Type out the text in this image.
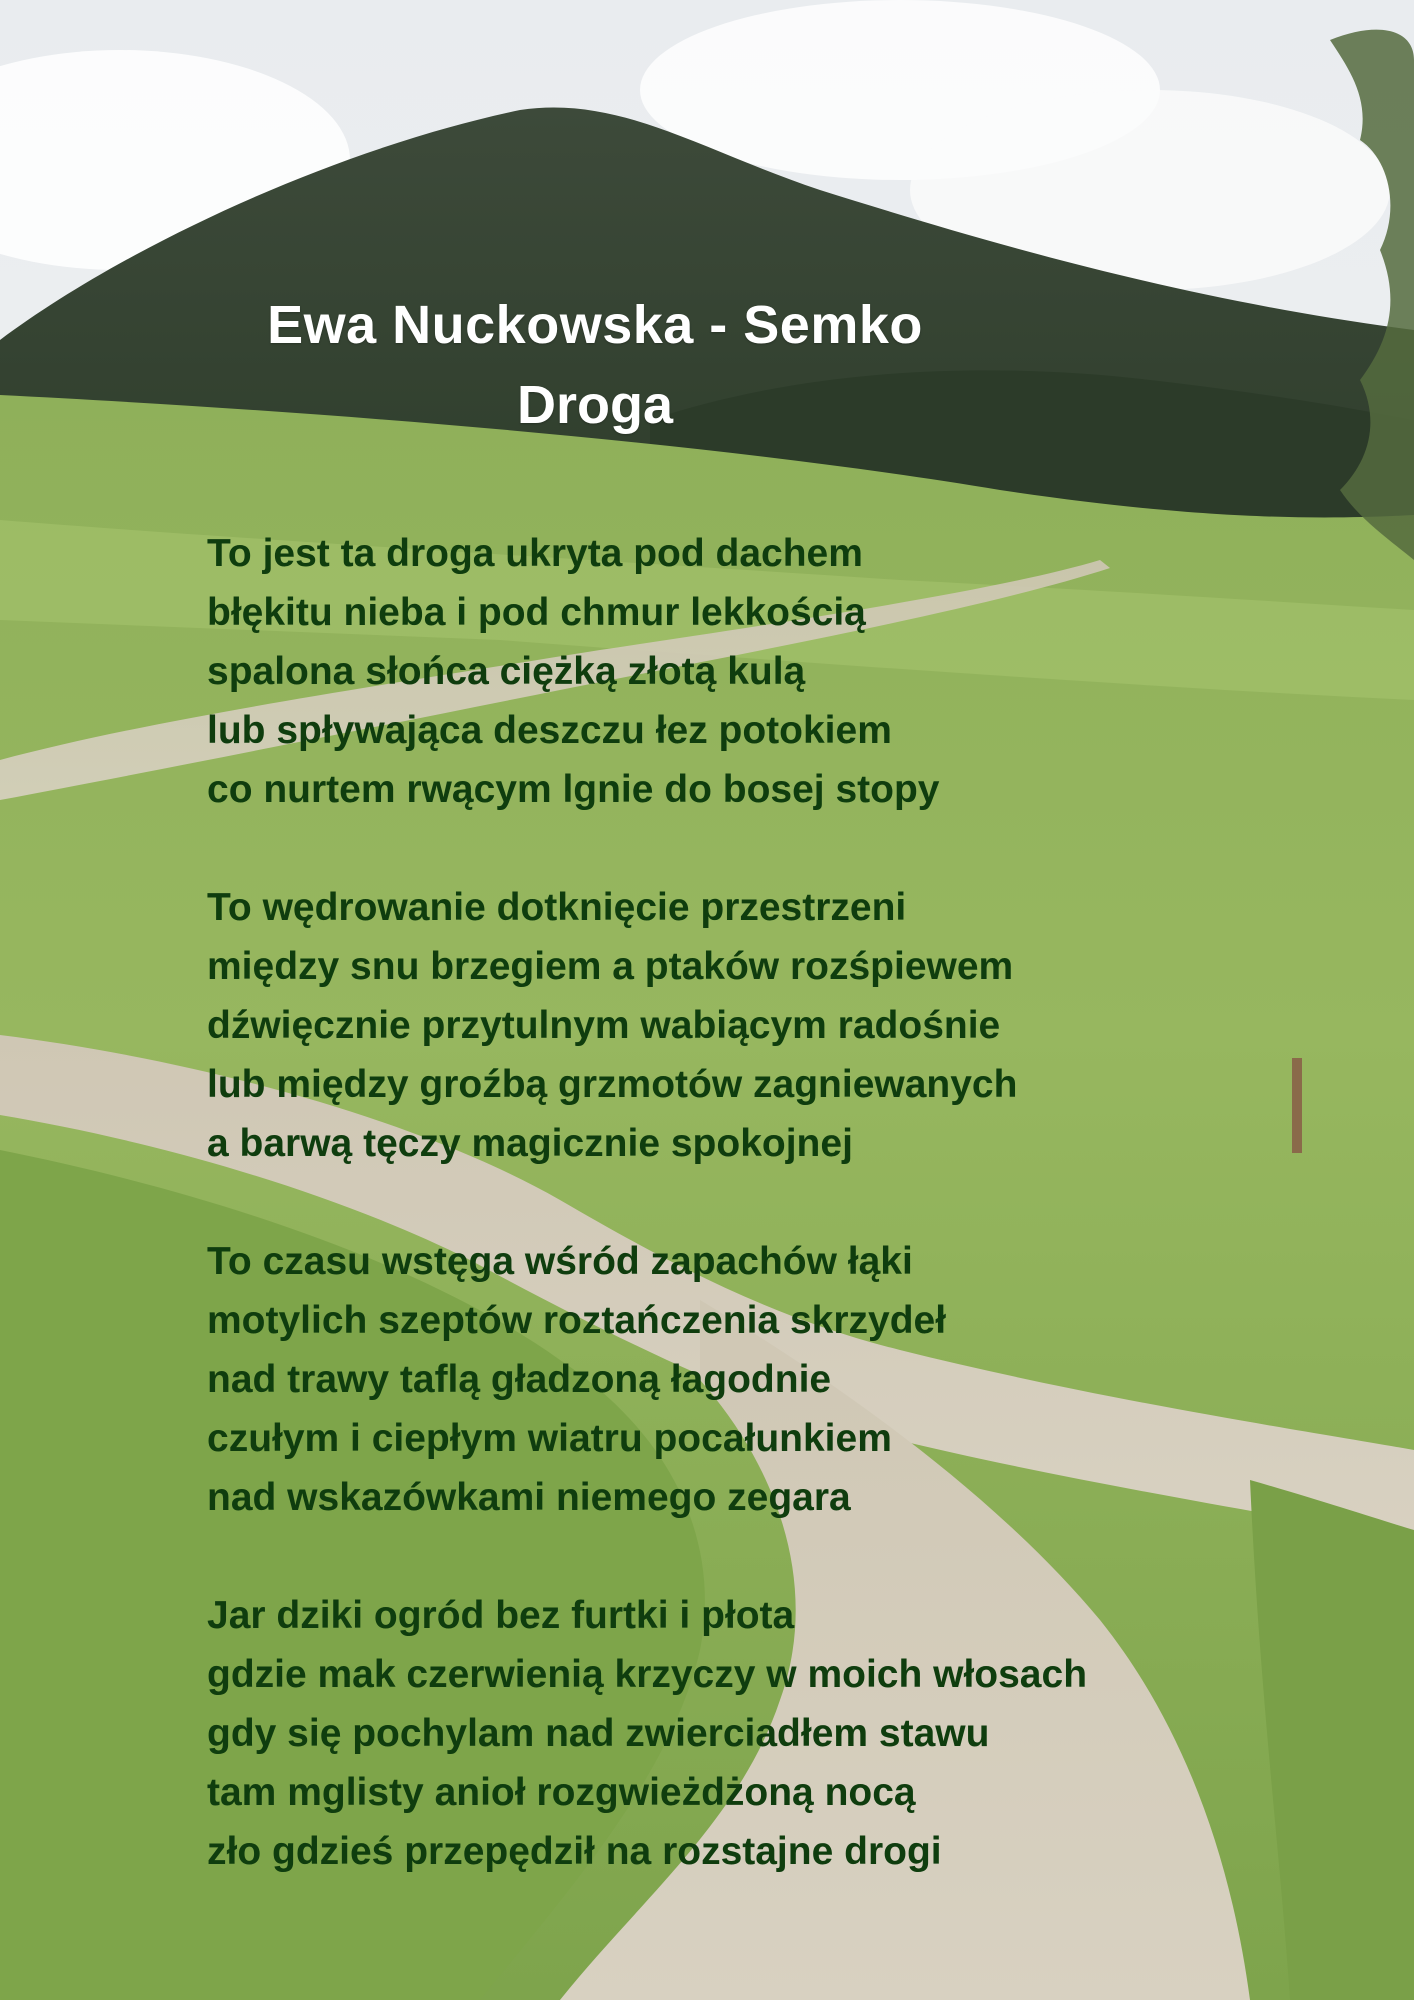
Ewa Nuckowska - Semko
Droga
To jest ta droga ukryta pod dachem
błękitu nieba i pod chmur lekkością
spalona słońca ciężką złotą kulą
lub spływająca deszczu łez potokiem
co nurtem rwącym lgnie do bosej stopy
To wędrowanie dotknięcie przestrzeni
między snu brzegiem a ptaków rozśpiewem
dźwięcznie przytulnym wabiącym radośnie
lub między groźbą grzmotów zagniewanych
a barwą tęczy magicznie spokojnej
To czasu wstęga wśród zapachów łąki
motylich szeptów roztańczenia skrzydeł
nad trawy taflą gładzoną łagodnie
czułym i ciepłym wiatru pocałunkiem
nad wskazówkami niemego zegara
Jar dziki ogród bez furtki i płota
gdzie mak czerwienią krzyczy w moich włosach
gdy się pochylam nad zwierciadłem stawu
tam mglisty anioł rozgwieżdżoną nocą
zło gdzieś przepędził na rozstajne drogi
